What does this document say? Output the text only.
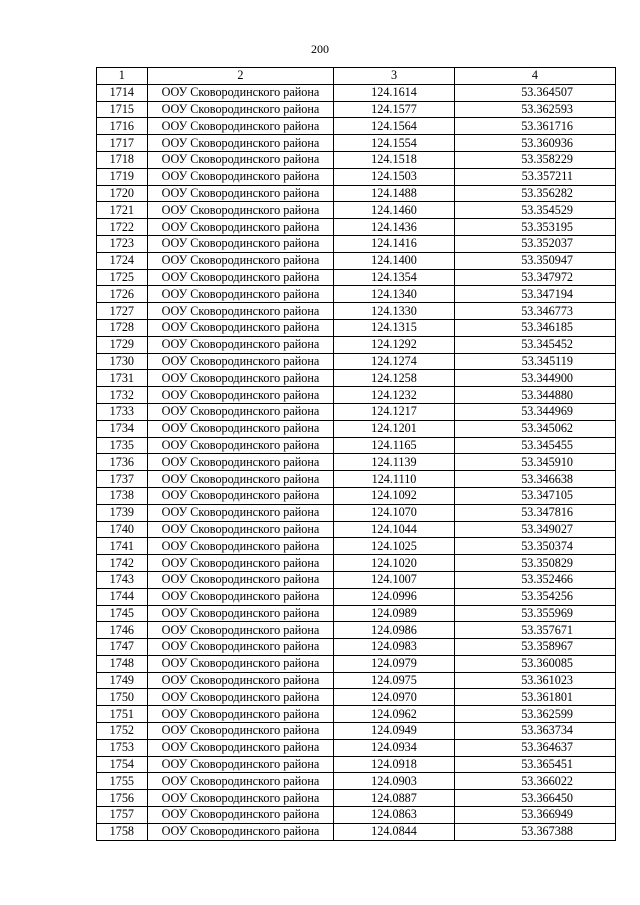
200
1	2	3	4
1714	ООУ Сковородинского района	124.1614	53.364507
1715	ООУ Сковородинского района	124.1577	53.362593
1716	ООУ Сковородинского района	124.1564	53.361716
1717	ООУ Сковородинского района	124.1554	53.360936
1718	ООУ Сковородинского района	124.1518	53.358229
1719	ООУ Сковородинского района	124.1503	53.357211
1720	ООУ Сковородинского района	124.1488	53.356282
1721	ООУ Сковородинского района	124.1460	53.354529
1722	ООУ Сковородинского района	124.1436	53.353195
1723	ООУ Сковородинского района	124.1416	53.352037
1724	ООУ Сковородинского района	124.1400	53.350947
1725	ООУ Сковородинского района	124.1354	53.347972
1726	ООУ Сковородинского района	124.1340	53.347194
1727	ООУ Сковородинского района	124.1330	53.346773
1728	ООУ Сковородинского района	124.1315	53.346185
1729	ООУ Сковородинского района	124.1292	53.345452
1730	ООУ Сковородинского района	124.1274	53.345119
1731	ООУ Сковородинского района	124.1258	53.344900
1732	ООУ Сковородинского района	124.1232	53.344880
1733	ООУ Сковородинского района	124.1217	53.344969
1734	ООУ Сковородинского района	124.1201	53.345062
1735	ООУ Сковородинского района	124.1165	53.345455
1736	ООУ Сковородинского района	124.1139	53.345910
1737	ООУ Сковородинского района	124.1110	53.346638
1738	ООУ Сковородинского района	124.1092	53.347105
1739	ООУ Сковородинского района	124.1070	53.347816
1740	ООУ Сковородинского района	124.1044	53.349027
1741	ООУ Сковородинского района	124.1025	53.350374
1742	ООУ Сковородинского района	124.1020	53.350829
1743	ООУ Сковородинского района	124.1007	53.352466
1744	ООУ Сковородинского района	124.0996	53.354256
1745	ООУ Сковородинского района	124.0989	53.355969
1746	ООУ Сковородинского района	124.0986	53.357671
1747	ООУ Сковородинского района	124.0983	53.358967
1748	ООУ Сковородинского района	124.0979	53.360085
1749	ООУ Сковородинского района	124.0975	53.361023
1750	ООУ Сковородинского района	124.0970	53.361801
1751	ООУ Сковородинского района	124.0962	53.362599
1752	ООУ Сковородинского района	124.0949	53.363734
1753	ООУ Сковородинского района	124.0934	53.364637
1754	ООУ Сковородинского района	124.0918	53.365451
1755	ООУ Сковородинского района	124.0903	53.366022
1756	ООУ Сковородинского района	124.0887	53.366450
1757	ООУ Сковородинского района	124.0863	53.366949
1758	ООУ Сковородинского района	124.0844	53.367388
